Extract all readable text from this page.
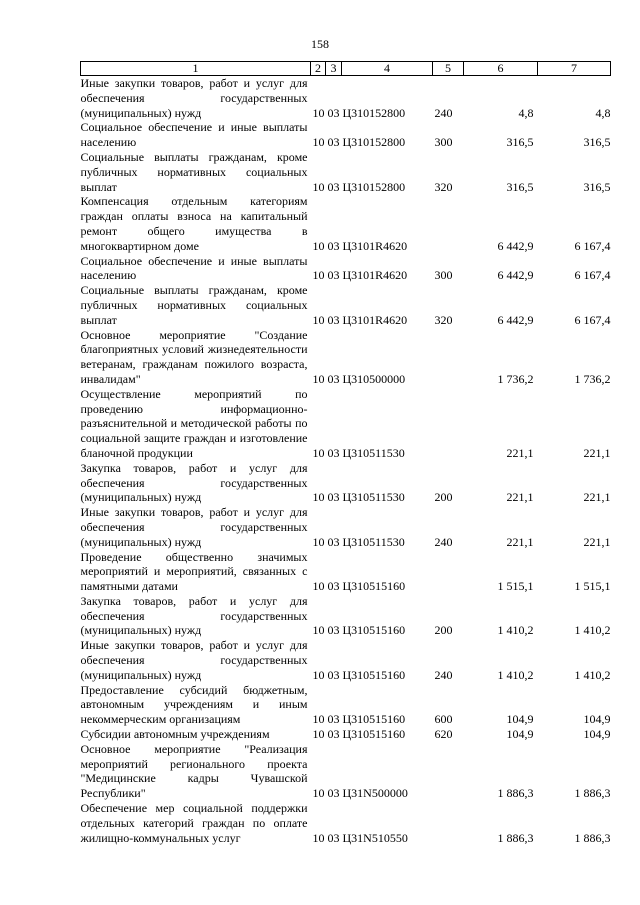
158
1	2	3	4	5	6	7
Иные закупки товаров, работ и услуг для обеспечения государственных (муниципальных) нужд	10	03	Ц310152800	240	4,8	4,8
Социальное обеспечение и иные выплаты населению	10	03	Ц310152800	300	316,5	316,5
Социальные выплаты гражданам, кроме публичных нормативных социальных выплат	10	03	Ц310152800	320	316,5	316,5
Компенсация отдельным категориям граждан оплаты взноса на капитальный ремонт общего имущества в многоквартирном доме	10	03	Ц3101R4620		6 442,9	6 167,4
Социальное обеспечение и иные выплаты населению	10	03	Ц3101R4620	300	6 442,9	6 167,4
Социальные выплаты гражданам, кроме публичных нормативных социальных выплат	10	03	Ц3101R4620	320	6 442,9	6 167,4
Основное мероприятие "Создание благоприятных условий жизнедеятельности ветеранам, гражданам пожилого возраста, инвалидам"	10	03	Ц310500000		1 736,2	1 736,2
Осуществление мероприятий по проведению информационно-разъяснительной и методической работы по социальной защите граждан и изготовление бланочной продукции	10	03	Ц310511530		221,1	221,1
Закупка товаров, работ и услуг для обеспечения государственных (муниципальных) нужд	10	03	Ц310511530	200	221,1	221,1
Иные закупки товаров, работ и услуг для обеспечения государственных (муниципальных) нужд	10	03	Ц310511530	240	221,1	221,1
Проведение общественно значимых мероприятий и мероприятий, связанных с памятными датами	10	03	Ц310515160		1 515,1	1 515,1
Закупка товаров, работ и услуг для обеспечения государственных (муниципальных) нужд	10	03	Ц310515160	200	1 410,2	1 410,2
Иные закупки товаров, работ и услуг для обеспечения государственных (муниципальных) нужд	10	03	Ц310515160	240	1 410,2	1 410,2
Предоставление субсидий бюджетным, автономным учреждениям и иным некоммерческим организациям	10	03	Ц310515160	600	104,9	104,9
Субсидии автономным учреждениям	10	03	Ц310515160	620	104,9	104,9
Основное мероприятие "Реализация мероприятий регионального проекта "Медицинские кадры Чувашской Республики"	10	03	Ц31N500000		1 886,3	1 886,3
Обеспечение мер социальной поддержки отдельных категорий граждан по оплате жилищно-коммунальных услуг	10	03	Ц31N510550		1 886,3	1 886,3
